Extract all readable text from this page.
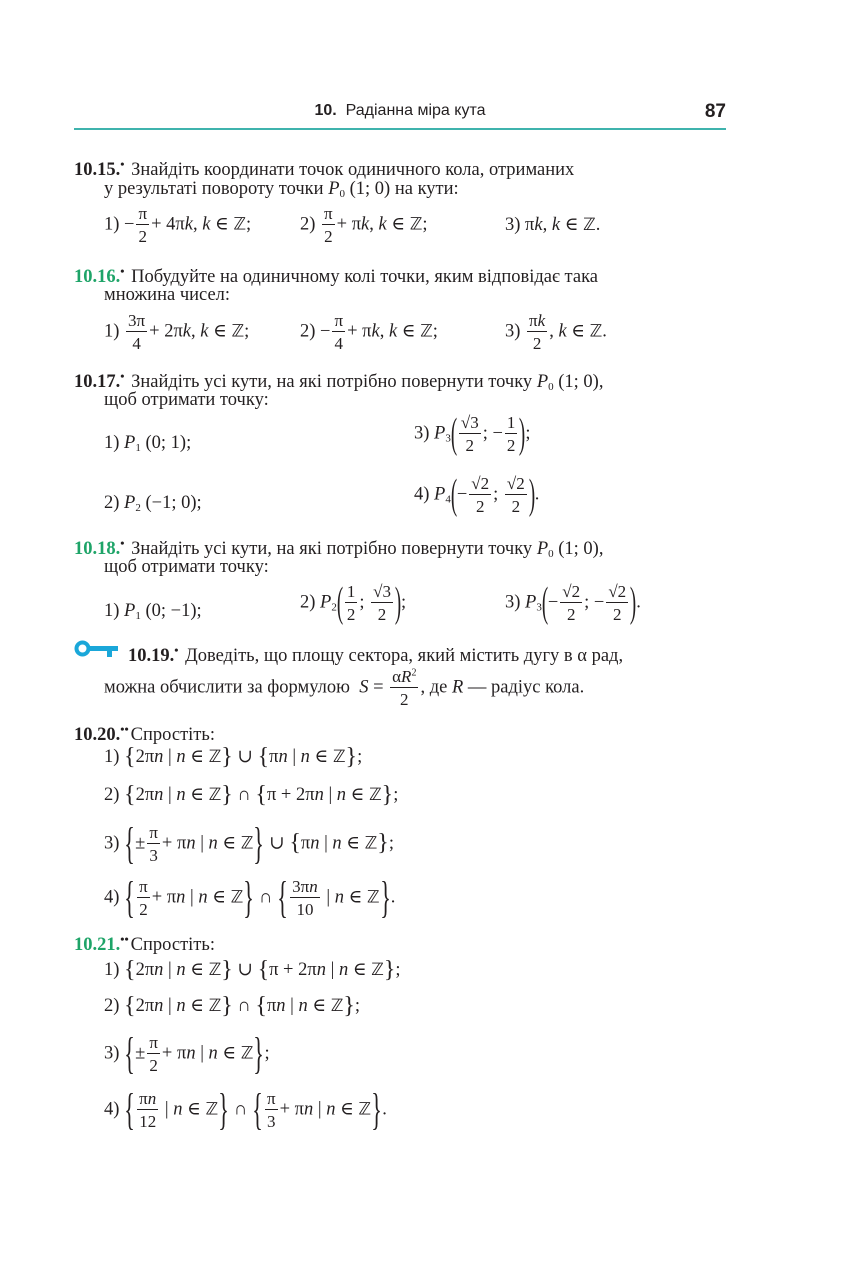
10. Радіанна міра кута	87
10.15.• Знайдіть координати точок одиничного кола, отриманих
у результаті повороту точки $P_0$ (1; 0) на кути:
$1) - \frac{\pi}{2} + 4\pi k$, k ∈ ℤ;	$2) \frac{\pi}{2} + \pi k$, k ∈ ℤ;	3) πk, k ∈ ℤ.
10.16.• Побудуйте на одиничному колі точки, яким відповідає така
множина чисел:
$1) \frac{3\pi}{4} + 2\pi k$, k ∈ ℤ;	$2) - \frac{\pi}{4} + \pi k$, k ∈ ℤ;	$3) \frac{\pi k}{2}$ , k ∈ ℤ.
10.17.• Знайдіть усі кути, на які потрібно повернути точку $P_0$ (1; 0),
щоб отримати точку:
1) $P_1$ (0; 1);	3) $P_3( \frac{√3}{2}$ ; − $\frac{1}{2}$ );
2) $P_2$ (−1; 0);	4) $P_4(- \frac{√2}{2}$ ; $\frac{√2}{2}$ ).
10.18.• Знайдіть усі кути, на які потрібно повернути точку $P_0$ (1; 0),
щоб отримати точку:
1) $P_1$ (0; −1);	2) $P_2( \frac{1}{2}$ ; $\frac{√3}{2}$ );	3) $P_3(- \frac{√2}{2}$ ; − $\frac{√2}{2}$ ).
10.19.• Доведіть, що площу сектора, який містить дугу в α рад,
можна обчислити за формулою $S = \frac{\alpha R^2}{2}$ , де R — радіус кола.
10.20.•• Спростіть:
1) {2πn | n ∈ ℤ} ∪ {πn | n ∈ ℤ};
2) {2πn | n ∈ ℤ} ∩ {π + 2πn | n ∈ ℤ};
3) {± $\frac{\pi}{3} + \pi n$ | n ∈ ℤ} ∪ {πn | n ∈ ℤ};
4) { $\frac{\pi}{2} + \pi n$ | n ∈ ℤ} ∩ { $\frac{3\pi n}{10}$ | n ∈ ℤ}.
10.21.•• Спростіть:
1) {2πn | n ∈ ℤ} ∪ {π + 2πn | n ∈ ℤ};
2) {2πn | n ∈ ℤ} ∩ {πn | n ∈ ℤ};
3) {± $\frac{\pi}{2} + \pi n$ | n ∈ ℤ};
4) { $\frac{\pi n}{12}$ | n ∈ ℤ} ∩ { $\frac{\pi}{3} + \pi n$ | n ∈ ℤ}.
